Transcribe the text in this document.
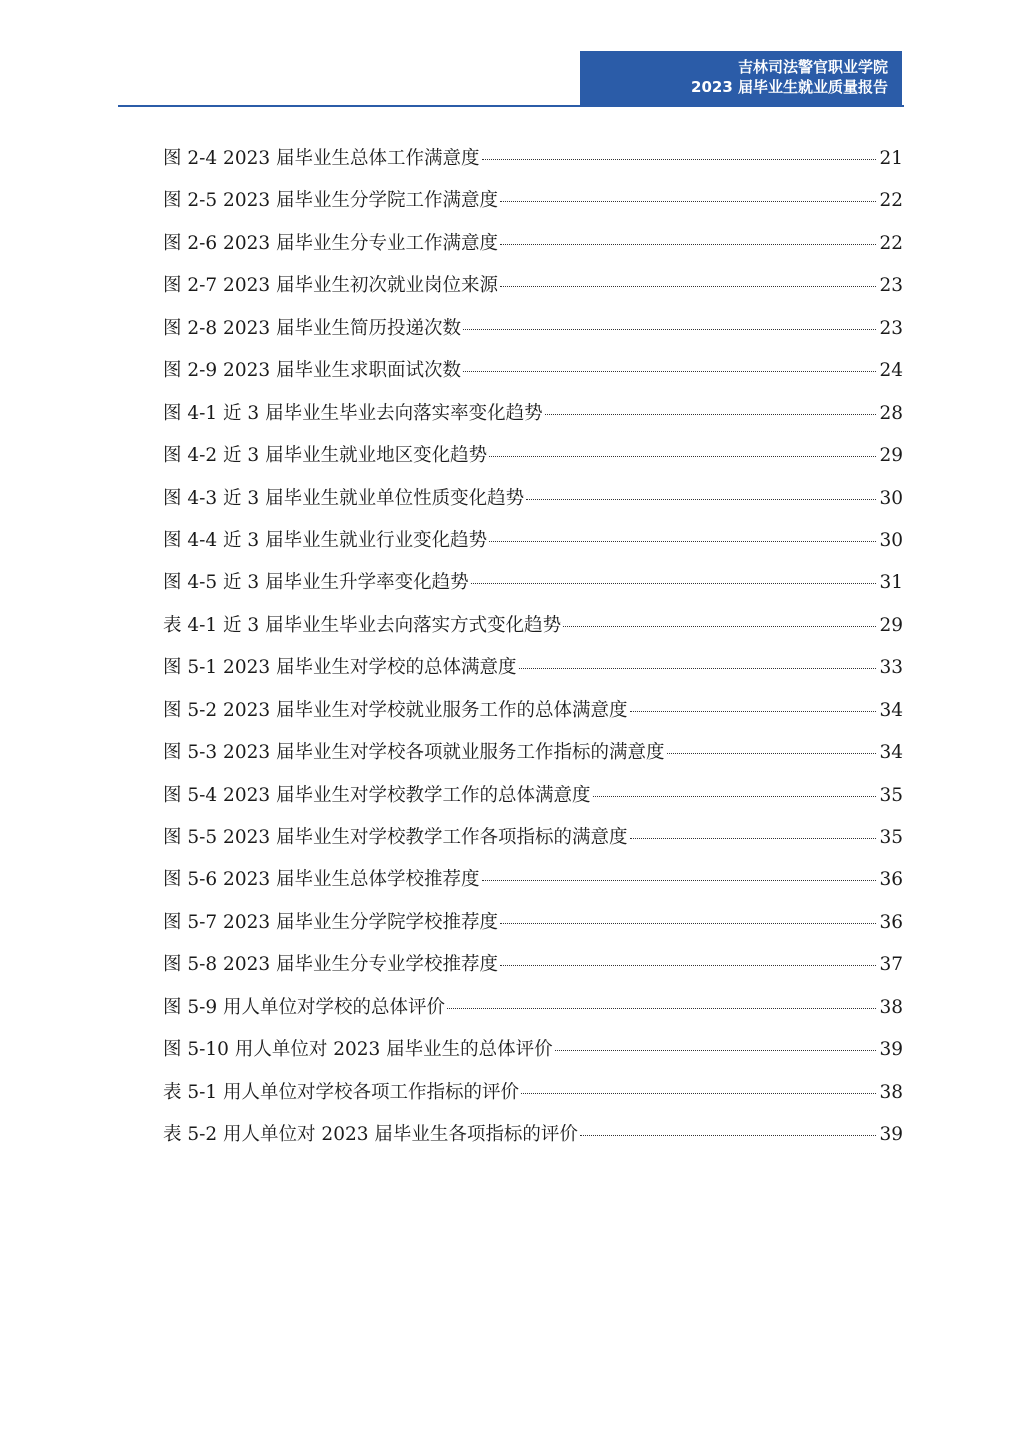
吉林司法警官职业学院
2023 届毕业生就业质量报告
图 2-4 2023 届毕业生总体工作满意度	21
图 2-5 2023 届毕业生分学院工作满意度	22
图 2-6 2023 届毕业生分专业工作满意度	22
图 2-7 2023 届毕业生初次就业岗位来源	23
图 2-8 2023 届毕业生简历投递次数	23
图 2-9 2023 届毕业生求职面试次数	24
图 4-1 近 3 届毕业生毕业去向落实率变化趋势	28
图 4-2 近 3 届毕业生就业地区变化趋势	29
图 4-3 近 3 届毕业生就业单位性质变化趋势	30
图 4-4 近 3 届毕业生就业行业变化趋势	30
图 4-5 近 3 届毕业生升学率变化趋势	31
表 4-1 近 3 届毕业生毕业去向落实方式变化趋势	29
图 5-1 2023 届毕业生对学校的总体满意度	33
图 5-2 2023 届毕业生对学校就业服务工作的总体满意度	34
图 5-3 2023 届毕业生对学校各项就业服务工作指标的满意度	34
图 5-4 2023 届毕业生对学校教学工作的总体满意度	35
图 5-5 2023 届毕业生对学校教学工作各项指标的满意度	35
图 5-6 2023 届毕业生总体学校推荐度	36
图 5-7 2023 届毕业生分学院学校推荐度	36
图 5-8 2023 届毕业生分专业学校推荐度	37
图 5-9 用人单位对学校的总体评价	38
图 5-10 用人单位对 2023 届毕业生的总体评价	39
表 5-1 用人单位对学校各项工作指标的评价	38
表 5-2 用人单位对 2023 届毕业生各项指标的评价	39
